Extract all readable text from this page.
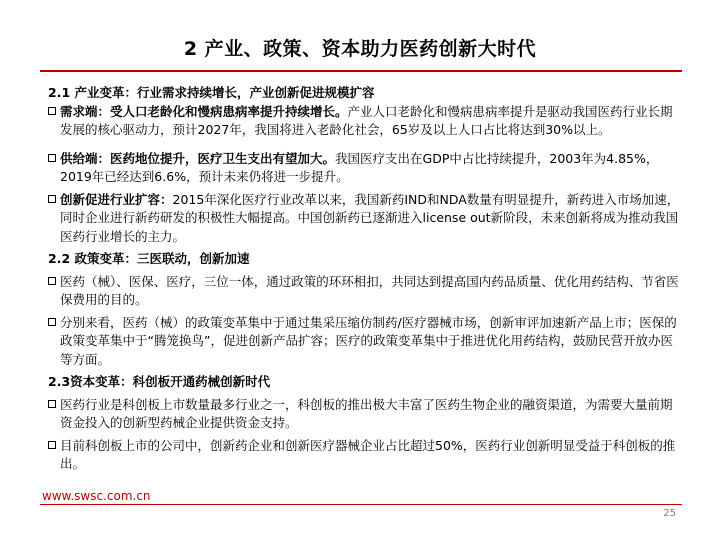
2 产业、政策、资本助力医药创新大时代

2.1 产业变革：行业需求持续增长，产业创新促进规模扩容

需求端：受人口老龄化和慢病患病率提升持续增长。产业人口老龄化和慢病患病率提升是驱动我国医药行业长期发展的核心驱动力，预计2027年，我国将进入老龄化社会，65岁及以上人口占比将达到30%以上。
供给端：医药地位提升，医疗卫生支出有望加大。我国医疗支出在GDP中占比持续提升，2003年为4.85%，2019年已经达到6.6%，预计未来仍将进一步提升。
创新促进行业扩容：2015年深化医疗行业改革以来，我国新药IND和NDA数量有明显提升，新药进入市场加速，同时企业进行新药研发的积极性大幅提高。中国创新药已逐渐进入license out新阶段，未来创新将成为推动我国医药行业增长的主力。

2.2 政策变革：三医联动，创新加速

医药（械）、医保、医疗，三位一体，通过政策的环环相扣，共同达到提高国内药品质量、优化用药结构、节省医保费用的目的。
分别来看，医药（械）的政策变革集中于通过集采压缩仿制药/医疗器械市场，创新审评加速新产品上市；医保的政策变革集中于“腾笼换鸟”，促进创新产品扩容；医疗的政策变革集中于推进优化用药结构，鼓励民营开放办医等方面。

2.3资本变革：科创板开通药械创新时代

医药行业是科创板上市数量最多行业之一，科创板的推出极大丰富了医药生物企业的融资渠道，为需要大量前期资金投入的创新型药械企业提供资金支持。
目前科创板上市的公司中，创新药企业和创新医疗器械企业占比超过50%，医药行业创新明显受益于科创板的推出。
www.swsc.com.cn
25
